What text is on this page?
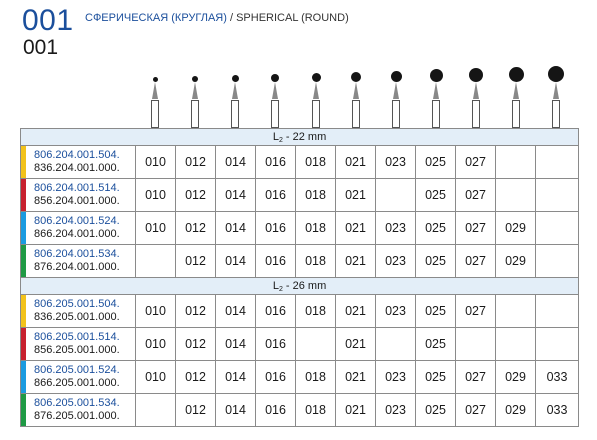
001
001
СФЕРИЧЕСКАЯ (КРУГЛАЯ) / SPHERICAL (ROUND)
$L_2 - 22$ mm											

806.204.001.504.
836.204.001.000.	010	012	014	016	018	021	023	025	027		

806.204.001.514.
856.204.001.000.	010	012	014	016	018	021		025	027		

806.204.001.524.
866.204.001.000.	010	012	014	016	018	021	023	025	027	029	

806.204.001.534.
876.204.001.000.		012	014	016	018	021	023	025	027	029	
$L_2 - 26$ mm											

806.205.001.504.
836.205.001.000.	010	012	014	016	018	021	023	025	027		

806.205.001.514.
856.205.001.000.	010	012	014	016		021		025			

806.205.001.524.
866.205.001.000.	010	012	014	016	018	021	023	025	027	029	033

806.205.001.534.
876.205.001.000.		012	014	016	018	021	023	025	027	029	033
